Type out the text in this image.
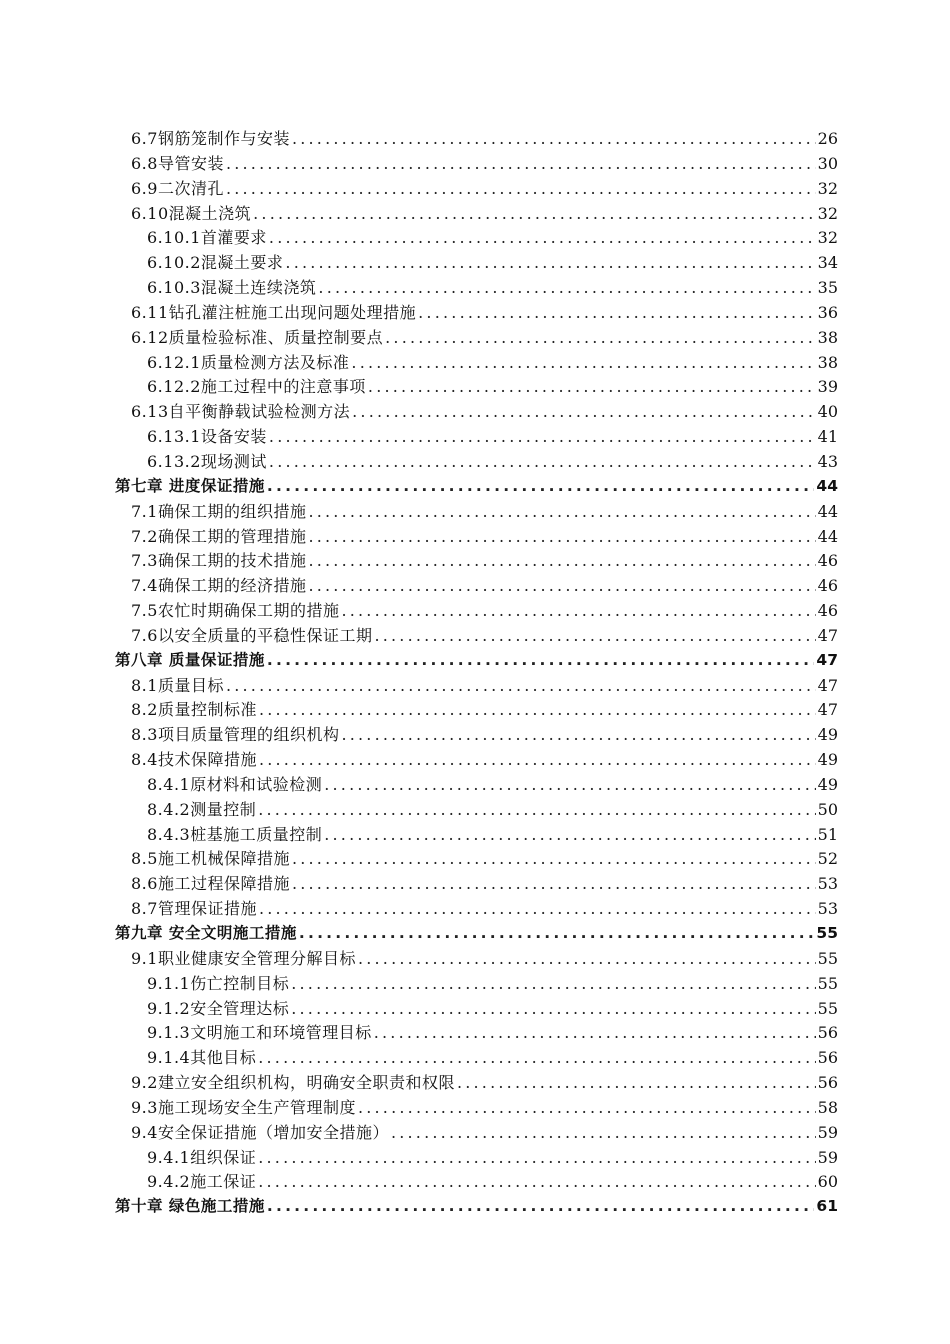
6.7钢筋笼制作与安装 .....	26
6.8导管安装 .....	30
6.9二次清孔 .....	32
6.10混凝土浇筑 .....	32
6.10.1首灌要求 .....	32
6.10.2混凝土要求 .....	34
6.10.3混凝土连续浇筑 .....	35
6.11钻孔灌注桩施工出现问题处理措施 .....	36
6.12质量检验标准、质量控制要点 .....	38
6.12.1质量检测方法及标准 .....	38
6.12.2施工过程中的注意事项 .....	39
6.13自平衡静载试验检测方法 .....	40
6.13.1设备安装 .....	41
6.13.2现场测试 .....	43
第七章 进度保证措施 .....	44
7.1确保工期的组织措施 .....	44
7.2确保工期的管理措施 .....	44
7.3确保工期的技术措施 .....	46
7.4确保工期的经济措施 .....	46
7.5农忙时期确保工期的措施 .....	46
7.6以安全质量的平稳性保证工期 .....	47
第八章 质量保证措施 .....	47
8.1质量目标 .....	47
8.2质量控制标准 .....	47
8.3项目质量管理的组织机构 .....	49
8.4技术保障措施 .....	49
8.4.1原材料和试验检测 .....	49
8.4.2测量控制 .....	50
8.4.3桩基施工质量控制 .....	51
8.5施工机械保障措施 .....	52
8.6施工过程保障措施 .....	53
8.7管理保证措施 .....	53
第九章 安全文明施工措施 .....	55
9.1职业健康安全管理分解目标 .....	55
9.1.1伤亡控制目标 .....	55
9.1.2安全管理达标 .....	55
9.1.3文明施工和环境管理目标 .....	56
9.1.4其他目标 .....	56
9.2建立安全组织机构，明确安全职责和权限 .....	56
9.3施工现场安全生产管理制度 .....	58
9.4安全保证措施（增加安全措施） .....	59
9.4.1组织保证 .....	59
9.4.2施工保证 .....	60
第十章 绿色施工措施 .....	61
